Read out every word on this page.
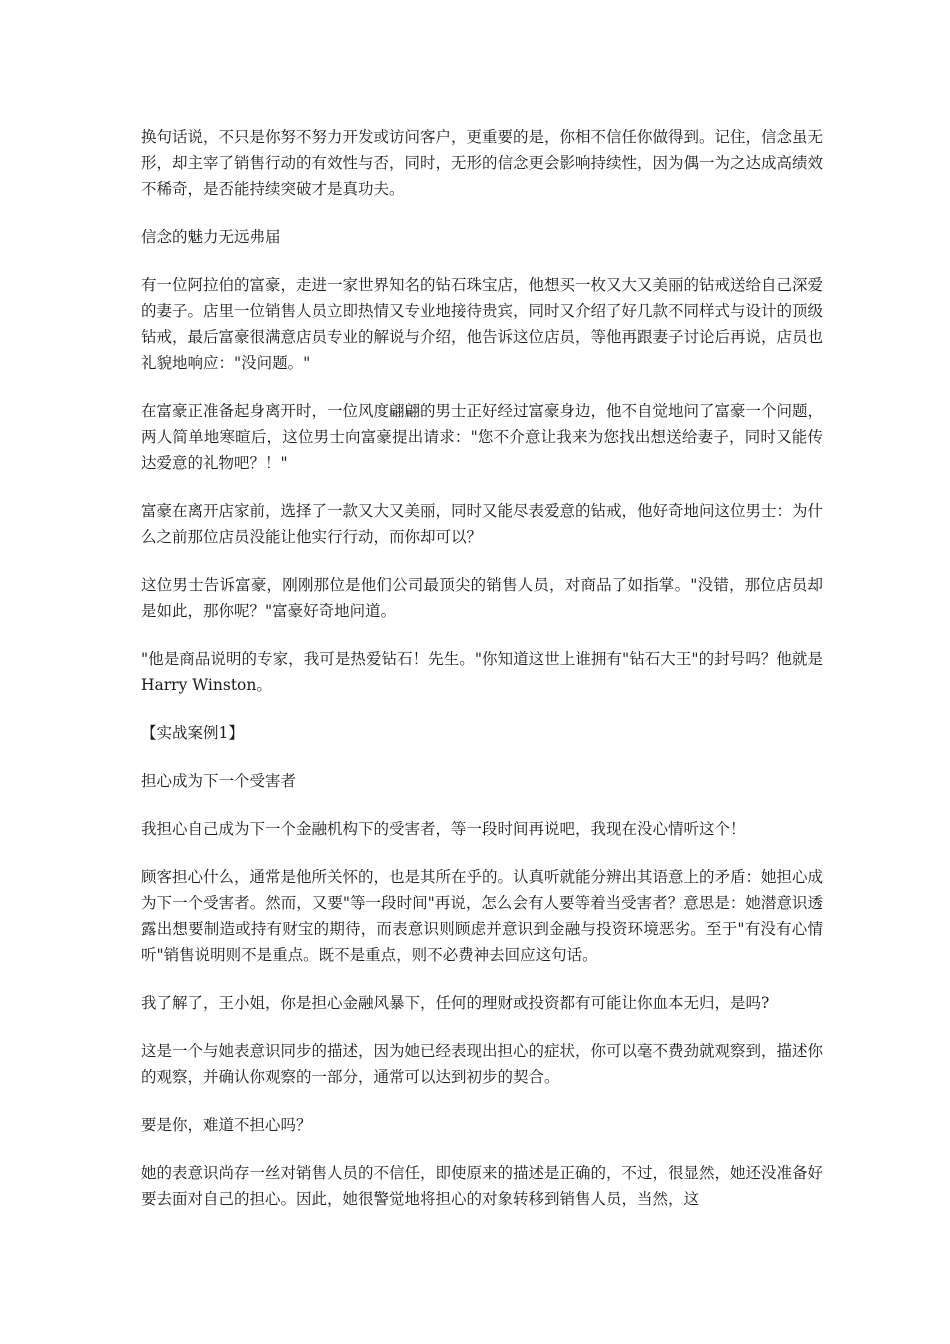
换句话说，不只是你努不努力开发或访问客户，更重要的是，你相不信任你做得到。记住，信念虽无形，却主宰了销售行动的有效性与否，同时，无形的信念更会影响持续性，因为偶一为之达成高绩效不稀奇，是否能持续突破才是真功夫。

信念的魅力无远弗届

有一位阿拉伯的富豪，走进一家世界知名的钻石珠宝店，他想买一枚又大又美丽的钻戒送给自己深爱的妻子。店里一位销售人员立即热情又专业地接待贵宾，同时又介绍了好几款不同样式与设计的顶级钻戒，最后富豪很满意店员专业的解说与介绍，他告诉这位店员，等他再跟妻子讨论后再说，店员也礼貌地响应："没问题。"

在富豪正准备起身离开时，一位风度翩翩的男士正好经过富豪身边，他不自觉地问了富豪一个问题，两人简单地寒暄后，这位男士向富豪提出请求："您不介意让我来为您找出想送给妻子，同时又能传达爱意的礼物吧？！"

富豪在离开店家前，选择了一款又大又美丽，同时又能尽表爱意的钻戒，他好奇地问这位男士：为什么之前那位店员没能让他实行行动，而你却可以？

这位男士告诉富豪，刚刚那位是他们公司最顶尖的销售人员，对商品了如指掌。"没错，那位店员却是如此，那你呢？"富豪好奇地问道。

"他是商品说明的专家，我可是热爱钻石！先生。"你知道这世上谁拥有"钻石大王"的封号吗？他就是Harry Winston。

【实战案例1】

担心成为下一个受害者

我担心自己成为下一个金融机构下的受害者，等一段时间再说吧，我现在没心情听这个！

顾客担心什么，通常是他所关怀的，也是其所在乎的。认真听就能分辨出其语意上的矛盾：她担心成为下一个受害者。然而，又要"等一段时间"再说，怎么会有人要等着当受害者？意思是：她潜意识透露出想要制造或持有财宝的期待，而表意识则顾虑并意识到金融与投资环境恶劣。至于"有没有心情听"销售说明则不是重点。既不是重点，则不必费神去回应这句话。

我了解了，王小姐，你是担心金融风暴下，任何的理财或投资都有可能让你血本无归，是吗?

这是一个与她表意识同步的描述，因为她已经表现出担心的症状，你可以毫不费劲就观察到，描述你的观察，并确认你观察的一部分，通常可以达到初步的契合。

要是你，难道不担心吗？

她的表意识尚存一丝对销售人员的不信任，即使原来的描述是正确的，不过，很显然，她还没准备好要去面对自己的担心。因此，她很警觉地将担心的对象转移到销售人员，当然，这
